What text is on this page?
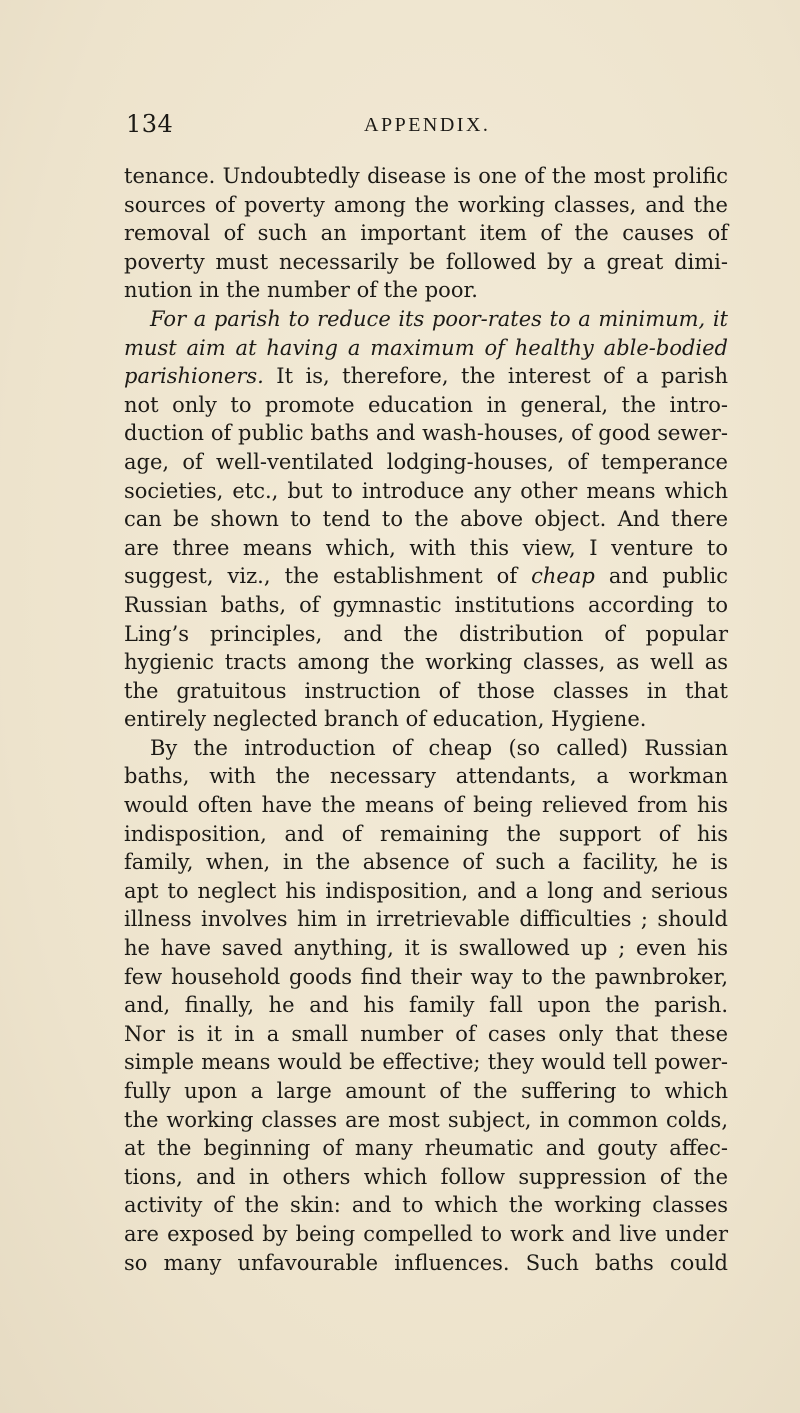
134	APPENDIX.
tenance. Undoubtedly disease is one of the most prolific
sources of poverty among the working classes, and the
removal of such an important item of the causes of
poverty must necessarily be followed by a great dimi-
nution in the number of the poor.
For a parish to reduce its poor-rates to a minimum, it
must aim at having a maximum of healthy able-bodied
parishioners. It is, therefore, the interest of a parish
not only to promote education in general, the intro-
duction of public baths and wash-houses, of good sewer-
age, of well-ventilated lodging-houses, of temperance
societies, etc., but to introduce any other means which
can be shown to tend to the above object. And there
are three means which, with this view, I venture to
suggest, viz., the establishment of cheap and public
Russian baths, of gymnastic institutions according to
Ling’s principles, and the distribution of popular
hygienic tracts among the working classes, as well as
the gratuitous instruction of those classes in that
entirely neglected branch of education, Hygiene.
By the introduction of cheap (so called) Russian
baths, with the necessary attendants, a workman
would often have the means of being relieved from his
indisposition, and of remaining the support of his
family, when, in the absence of such a facility, he is
apt to neglect his indisposition, and a long and serious
illness involves him in irretrievable difficulties ; should
he have saved anything, it is swallowed up ; even his
few household goods find their way to the pawnbroker,
and, finally, he and his family fall upon the parish.
Nor is it in a small number of cases only that these
simple means would be effective; they would tell power-
fully upon a large amount of the suffering to which
the working classes are most subject, in common colds,
at the beginning of many rheumatic and gouty affec-
tions, and in others which follow suppression of the
activity of the skin: and to which the working classes
are exposed by being compelled to work and live under
so many unfavourable influences. Such baths could
